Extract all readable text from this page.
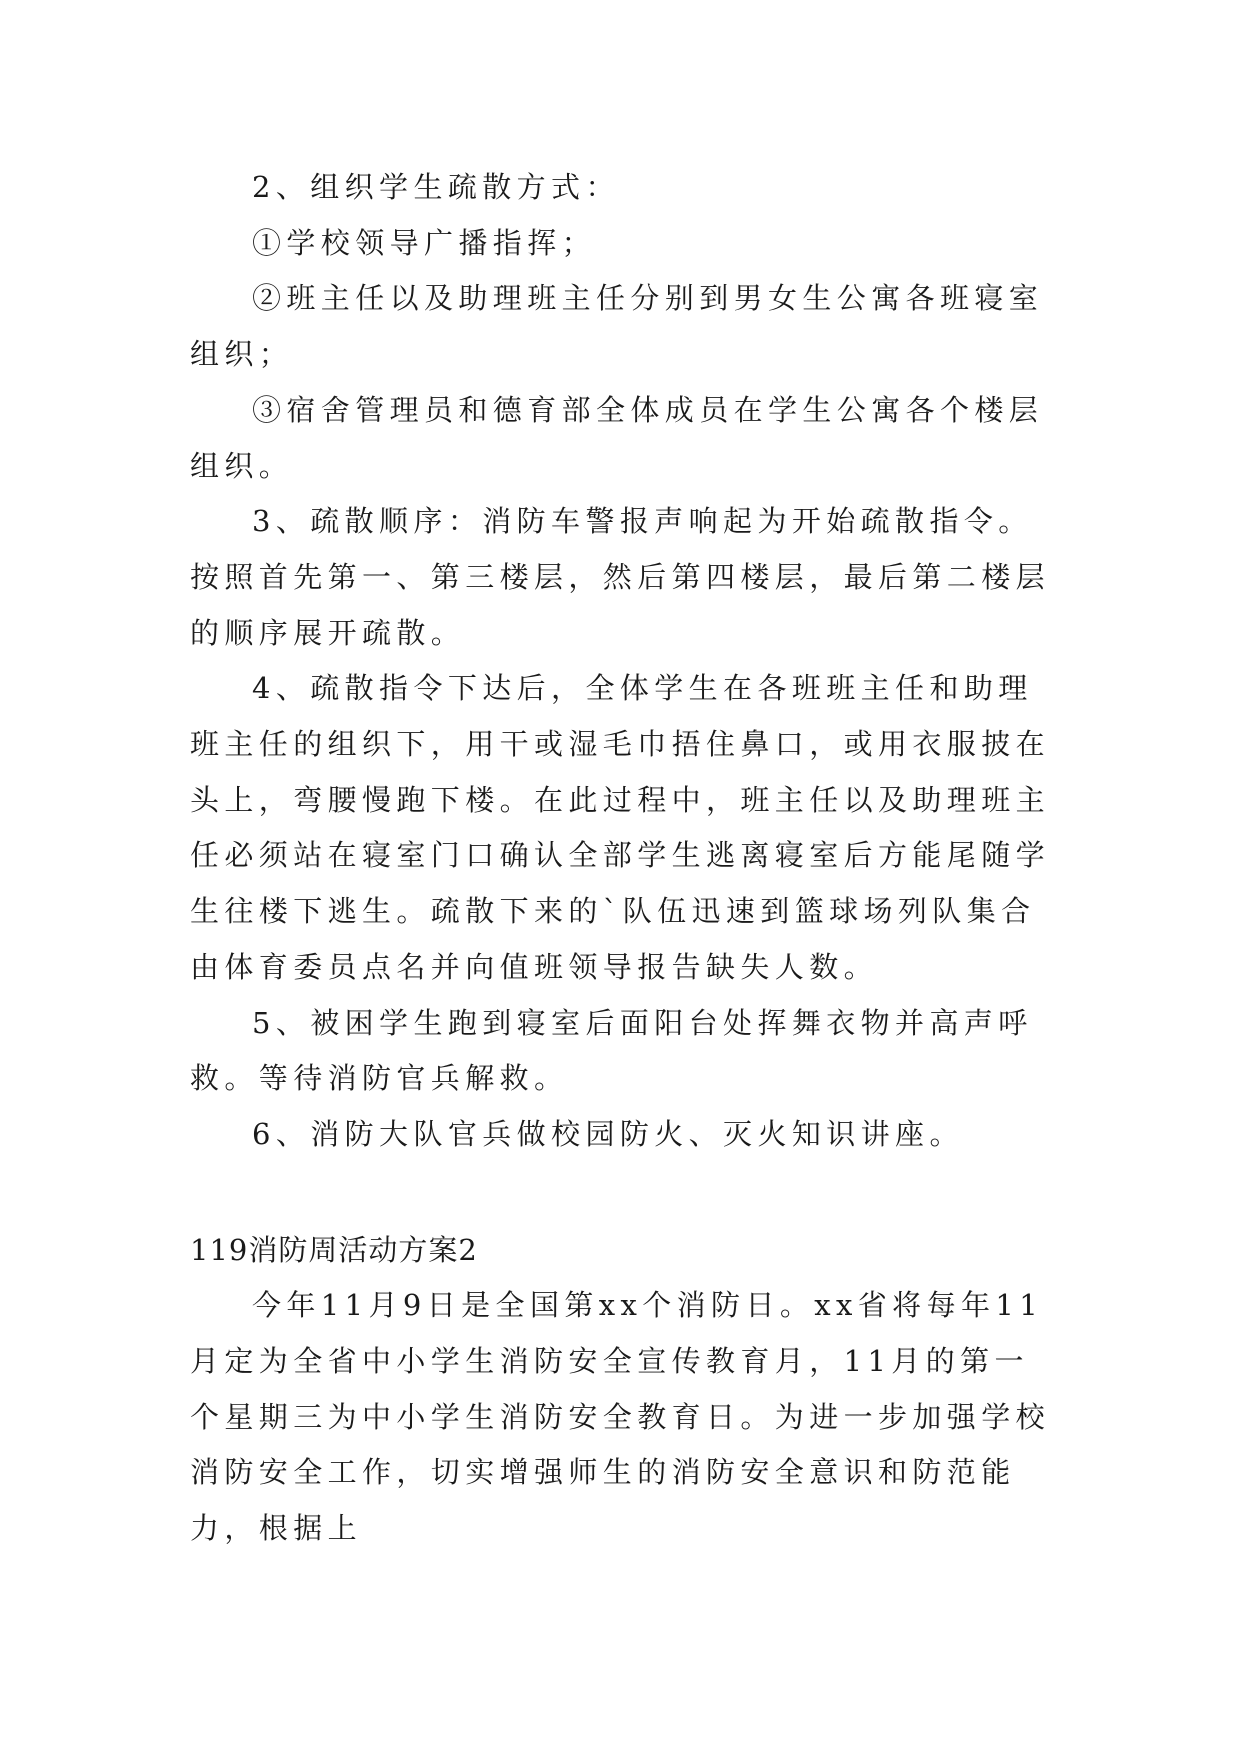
2、组织学生疏散方式：

①学校领导广播指挥；

②班主任以及助理班主任分别到男女生公寓各班寝室组织；

③宿舍管理员和德育部全体成员在学生公寓各个楼层组织。

3、疏散顺序：消防车警报声响起为开始疏散指令。按照首先第一、第三楼层，然后第四楼层，最后第二楼层的顺序展开疏散。

4、疏散指令下达后，全体学生在各班班主任和助理班主任的组织下，用干或湿毛巾捂住鼻口，或用衣服披在头上，弯腰慢跑下楼。在此过程中，班主任以及助理班主任必须站在寝室门口确认全部学生逃离寝室后方能尾随学生往楼下逃生。疏散下来的`队伍迅速到篮球场列队集合由体育委员点名并向值班领导报告缺失人数。

5、被困学生跑到寝室后面阳台处挥舞衣物并高声呼救。等待消防官兵解救。

6、消防大队官兵做校园防火、灭火知识讲座。

119消防周活动方案2

今年11月9日是全国第xx个消防日。xx省将每年11月定为全省中小学生消防安全宣传教育月，11月的第一个星期三为中小学生消防安全教育日。为进一步加强学校消防安全工作，切实增强师生的消防安全意识和防范能力，根据上
